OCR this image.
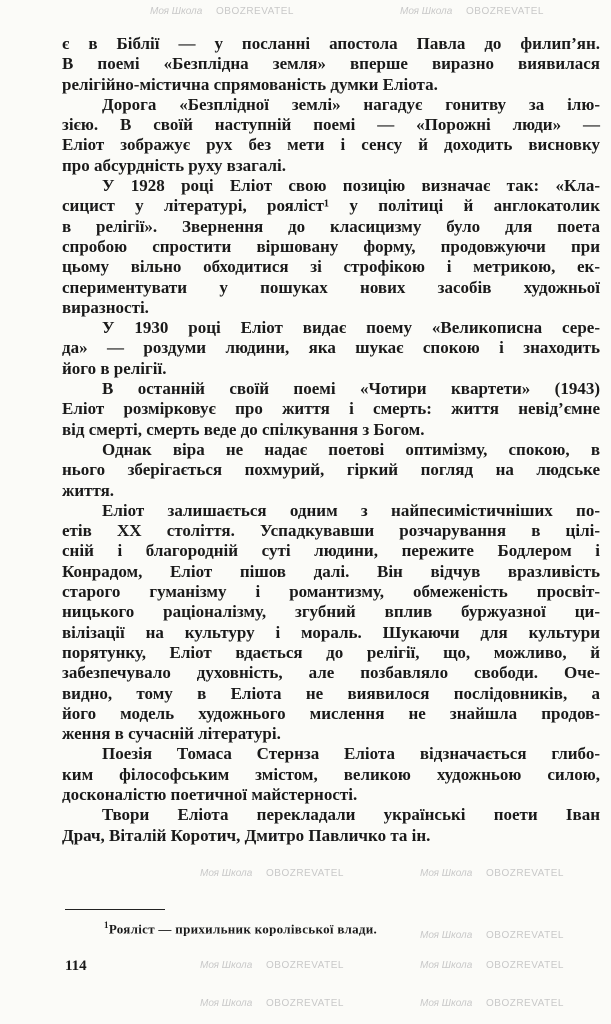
Моя Школа OBOZREVATEL	Моя Школа OBOZREVATEL
Моя Школа OBOZREVATEL	Моя Школа OBOZREVATEL
Моя Школа OBOZREVATEL
Моя Школа OBOZREVATEL	Моя Школа OBOZREVATEL
Моя Школа OBOZREVATEL	Моя Школа OBOZREVATEL
є в Біблії — у посланні апостола Павла до филип’ян.
В поемі «Безплідна земля» вперше виразно виявилася
релігійно-містична спрямованість думки Еліота.
Дорога «Безплідної землі» нагадує гонитву за ілю-
зією. В своїй наступній поемі — «Порожні люди» —
Еліот зображує рух без мети і сенсу й доходить висновку
про абсурдність руху взагалі.
У 1928 році Еліот свою позицію визначає так: «Кла-
сицист у літературі, рояліст¹ у політиці й англокатолик
в релігії». Звернення до класицизму було для поета
спробою спростити віршовану форму, продовжуючи при
цьому вільно обходитися зі строфікою і метрикою, ек-
спериментувати у пошуках нових засобів художньої
виразності.
У 1930 році Еліот видає поему «Великописна сере-
да» — роздуми людини, яка шукає спокою і знаходить
його в релігії.
В останній своїй поемі «Чотири квартети» (1943)
Еліот розмірковує про життя і смерть: життя невід’ємне
від смерті, смерть веде до спілкування з Богом.
Однак віра не надає поетові оптимізму, спокою, в
нього зберігається похмурий, гіркий погляд на людське
життя.
Еліот залишається одним з найпесимістичніших по-
етів XX століття. Успадкувавши розчарування в цілі-
сній і благородній суті людини, пережите Бодлером і
Конрадом, Еліот пішов далі. Він відчув вразливість
старого гуманізму і романтизму, обмеженість просвіт-
ницького раціоналізму, згубний вплив буржуазної ци-
вілізації на культуру і мораль. Шукаючи для культури
порятунку, Еліот вдається до релігії, що, можливо, й
забезпечувало духовність, але позбавляло свободи. Оче-
видно, тому в Еліота не виявилося послідовників, а
його модель художнього мислення не знайшла продов-
ження в сучасній літературі.
Поезія Томаса Стернза Еліота відзначається глибо-
ким філософським змістом, великою художньою силою,
досконалістю поетичної майстерності.
Твори Еліота перекладали українські поети Іван
Драч, Віталій Коротич, Дмитро Павличко та ін.
$^1$Рояліст — прихильник королівської влади.
114
